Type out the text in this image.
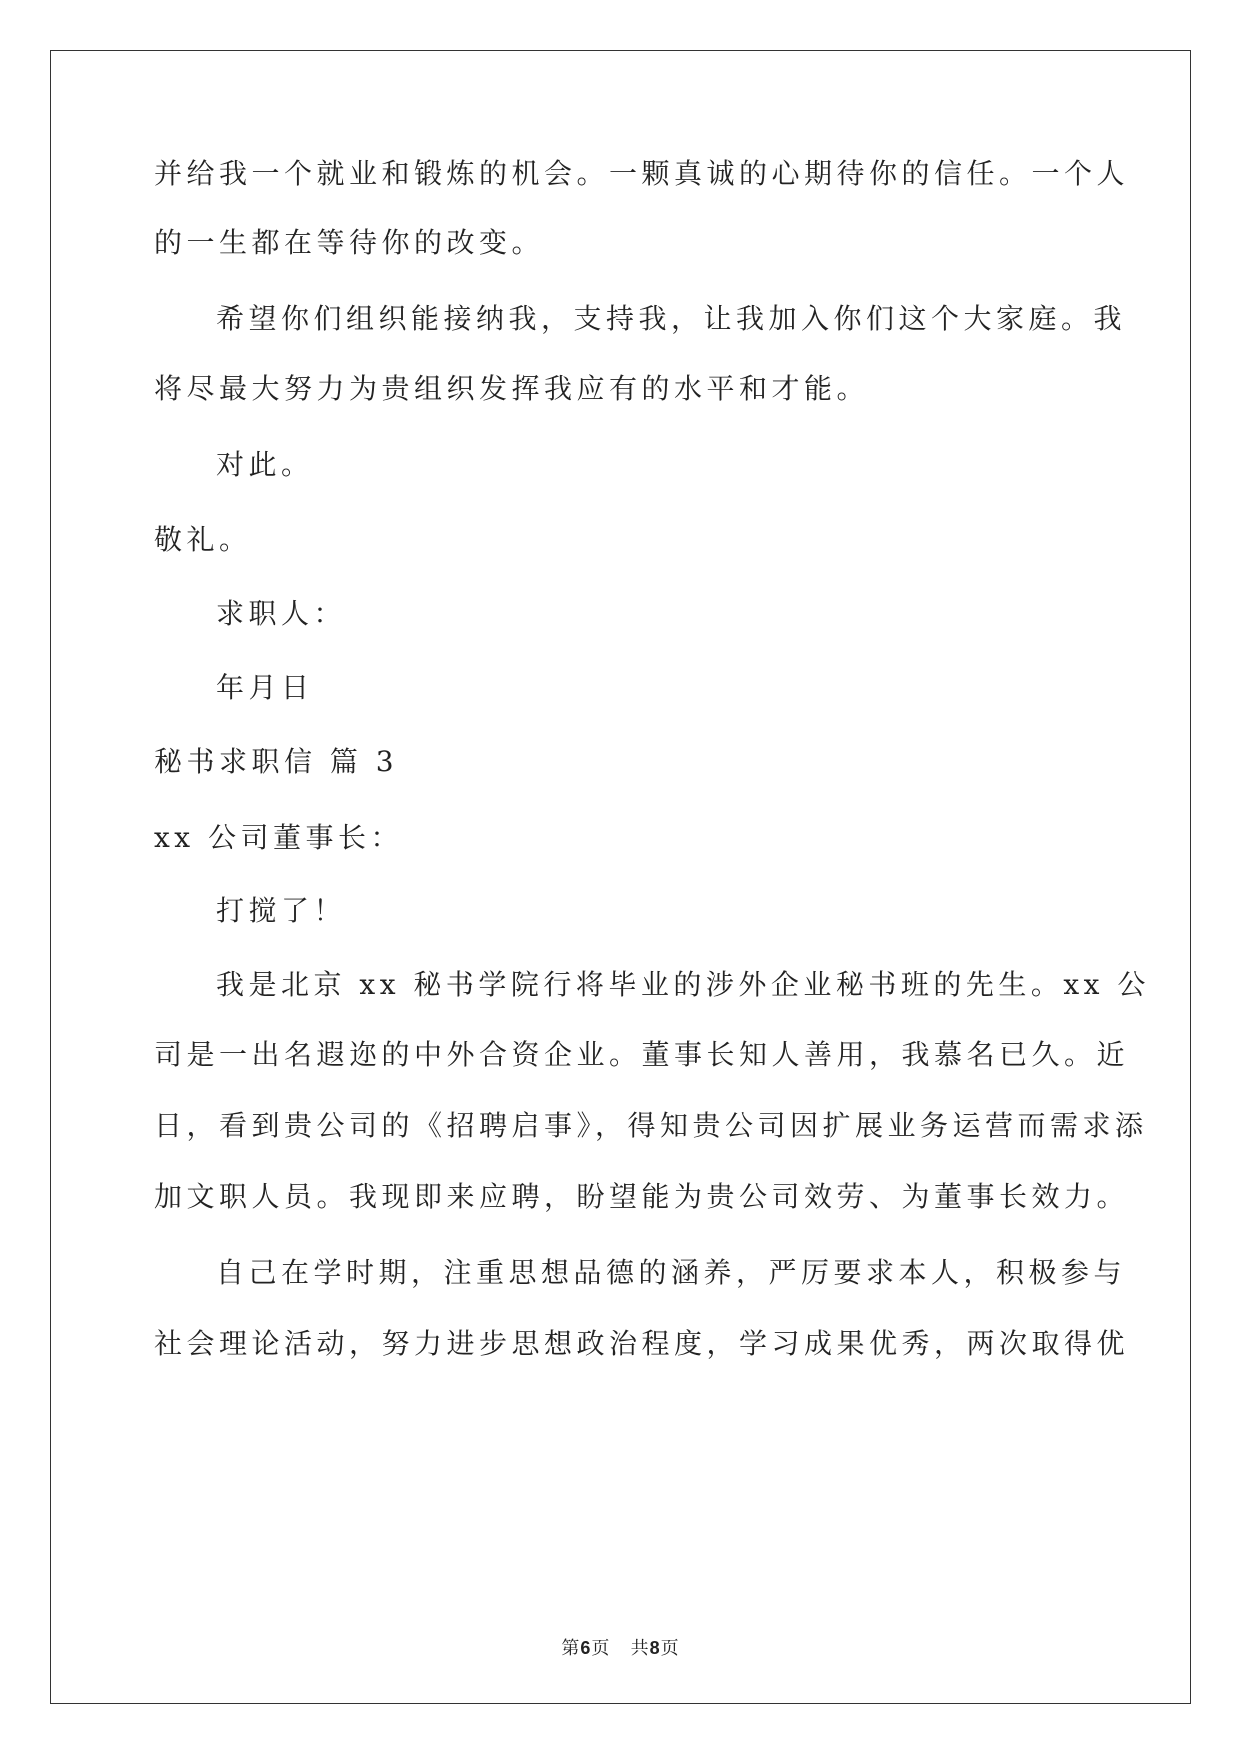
并给我一个就业和锻炼的机会。一颗真诚的心期待你的信任。一个人
的一生都在等待你的改变。
希望你们组织能接纳我，支持我，让我加入你们这个大家庭。我
将尽最大努力为贵组织发挥我应有的水平和才能。
对此。
敬礼。
求职人：
年月日
秘书求职信 篇 3
xx 公司董事长：
打搅了！
我是北京 xx 秘书学院行将毕业的涉外企业秘书班的先生。xx 公
司是一出名遐迩的中外合资企业。董事长知人善用，我慕名已久。近
日，看到贵公司的《招聘启事》，得知贵公司因扩展业务运营而需求添
加文职人员。我现即来应聘，盼望能为贵公司效劳、为董事长效力。
自己在学时期，注重思想品德的涵养，严厉要求本人，积极参与
社会理论活动，努力进步思想政治程度，学习成果优秀，两次取得优
第6页   共8页
